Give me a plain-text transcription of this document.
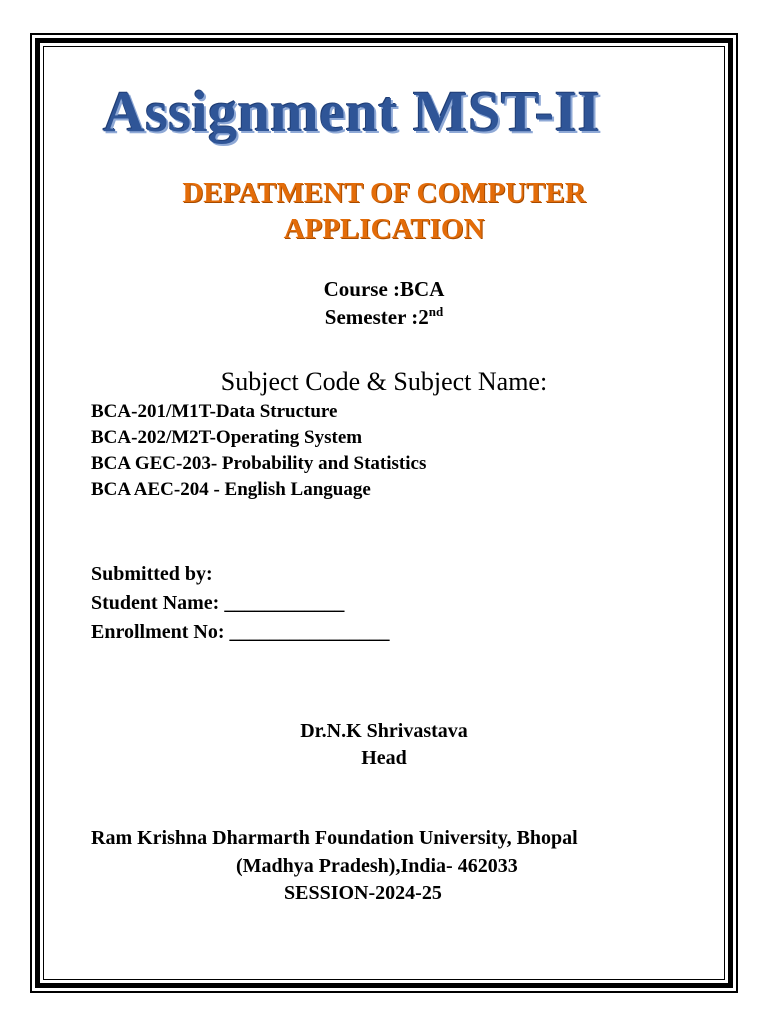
Assignment MST-II
DEPATMENT OF COMPUTER
APPLICATION
Course :BCA
Semester :2nd
Subject Code & Subject Name:
BCA-201/M1T-Data Structure
BCA-202/M2T-Operating System
BCA GEC-203- Probability and Statistics
BCA AEC-204 - English Language
Submitted by:
Student Name: ____________
Enrollment No: ________________
Dr.N.K Shrivastava
Head
Ram Krishna Dharmarth Foundation University, Bhopal
(Madhya Pradesh),India- 462033
SESSION-2024-25
